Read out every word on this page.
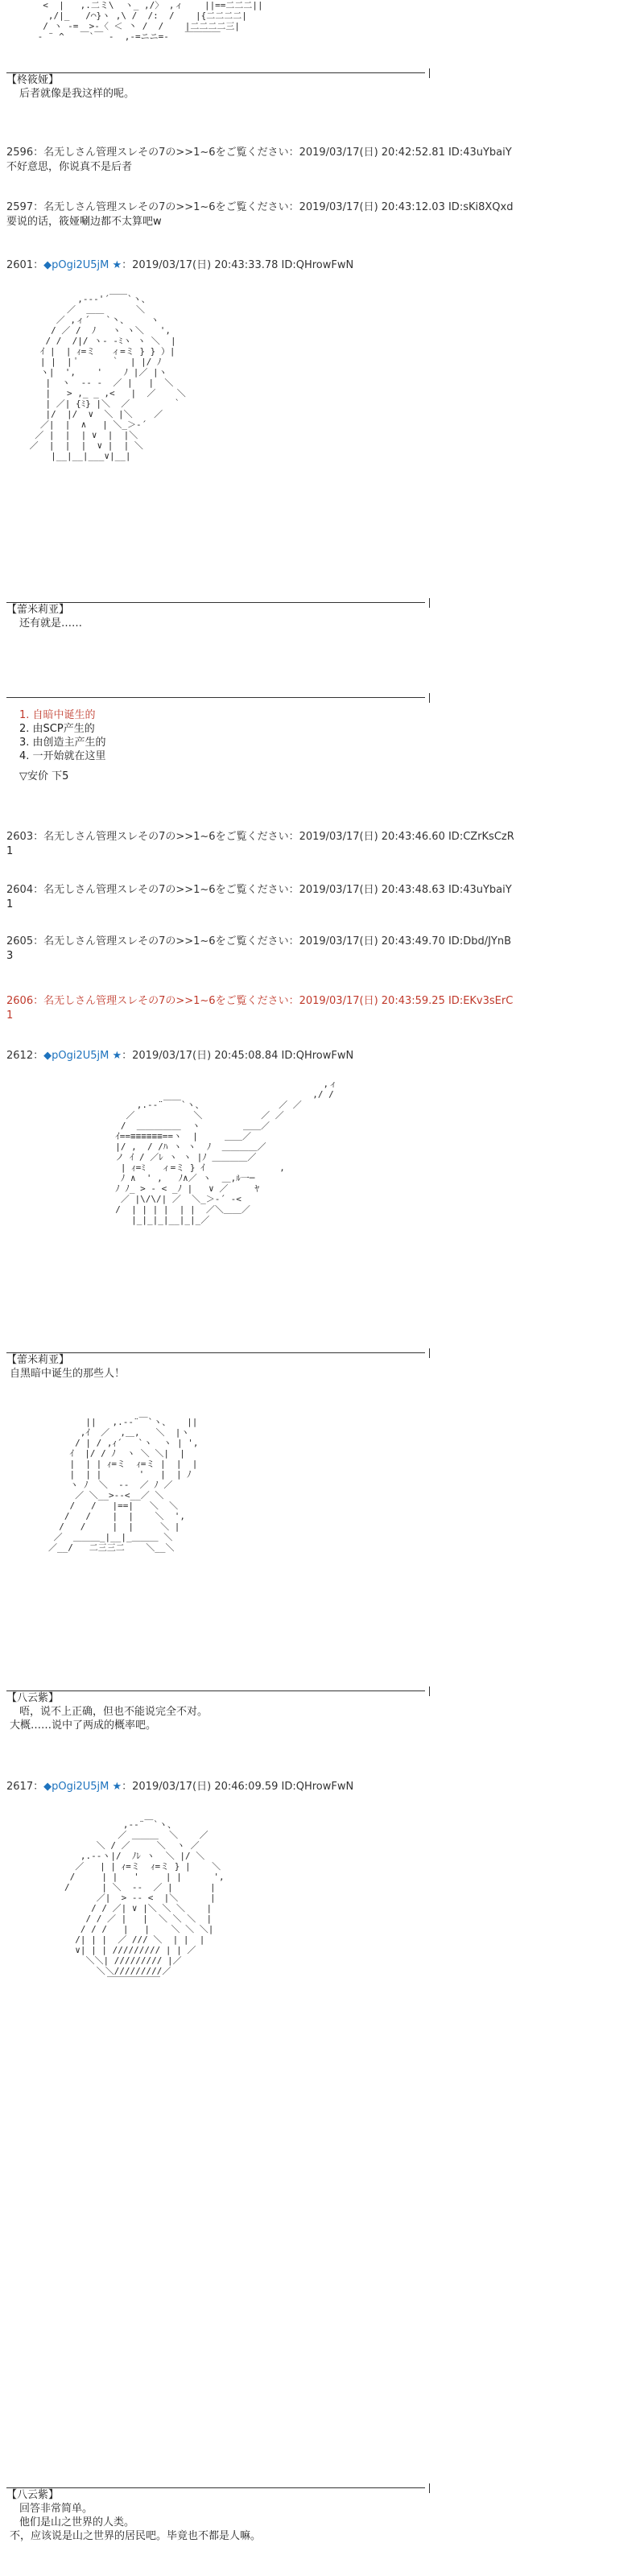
<  |   ,.二ミ\  ヽ_ ,/〉 ,ィ    ||==二二二||
,/|_   /⌒}ヽ ,\ /  /:  /    |{二二二二|
/ ヽ -=  >-〈 ＜ 丶 /  /    |二二二二三|
‐ ¨ ^   ￣`￣ ‐  ,-=ニニ=-   ￣￣￣￣
【柊筱娅】
后者就像是我这样的呢。
2596：名无しさん管理スレその7の>>1~6をご覧ください：2019/03/17(日) 20:42:52.81 ID:43uYbaiY
不好意思，你说真不是后者
2597：名无しさん管理スレその7の>>1~6をご覧ください：2019/03/17(日) 20:43:12.03 ID:sKi8XQxd
要说的话，筱娅唰边都不太算吧w
2601：◆pOgi2U5jM ★：2019/03/17(日) 20:43:33.78 ID:QHrowFwN
,--‐'´￣￣`ヽ、
／  ＿＿      ＼
／ ,ィ´   `丶、    ヽ
/ ／ /  ﾉ   ヽ ヽ＼   ',
/ /  /|/ ヽ‐ -ﾐヽ ヽ ＼  |
ｲ |  | ｨ=ミ   ィ=ミ } } ）|
| |  | ﾟ      ｀  | |/ ﾉ
ヽ|  ',    '    ﾉ |／ |ヽ
|  ヽ  ‐- ‐  ／ |   |  ＼
|   > ,_ _ ,<   |  ／    ＼
| ／| {ﾐ} |＼  ／        ｀
|/  |/  ∨  ＼ |＼    ／
／|  |  ∧   | ＼_＞‐´
／ |  |  | ∨  |  |＼
／  |  |  |  ∨ |  | ＼
|__|__|___∨|__|
【蕾米莉亚】
还有就是……
1. 自暗中诞生的
2. 由SCP产生的
3. 由创造主产生的
4. 一开始就在这里
▽安价 下5
2603：名无しさん管理スレその7の>>1~6をご覧ください：2019/03/17(日) 20:43:46.60 ID:CZrKsCzR
1
2604：名无しさん管理スレその7の>>1~6をご覧ください：2019/03/17(日) 20:43:48.63 ID:43uYbaiY
1
2605：名无しさん管理スレその7の>>1~6をご覧ください：2019/03/17(日) 20:43:49.70 ID:Dbd/JYnB
3
2606：名无しさん管理スレその7の>>1~6をご覧ください：2019/03/17(日) 20:43:59.25 ID:EKv3sErC
1
2612：◆pOgi2U5jM ★：2019/03/17(日) 20:45:08.84 ID:QHrowFwN
,ィ
,/ /
,.-‐¨￣￣`ヽ、              ／ ／
／           ＼           ／ ／
/  ＿＿＿＿＿  ヽ        ＿＿／
ｲ==≡≡≡≡≡≡==ヽ  |     ＿＿／
|/ ,  / /ﾊ ヽ ヽ  ﾉ  ＿＿＿＿／
ノ ｲ / ／ﾚ ヽ ヽ |ﾉ ＿＿＿＿／
| ｨ=ﾐ   ィ=ミ } ｲ              ,
ﾉ ∧  ' ,   ﾉ∧／ ヽ  ＿,ﾙ一─
ﾉ ﾉ_ > ‐ < _ﾉ |   ∨ ／     ﾔ
／ |\/\/| ／  ＼_＞‐´ ‐<
/  | | | |  | |  ／＼＿＿／
|_|_|_|__|_|_／
【蕾米莉亚】
自黑暗中诞生的那些人！
||   ,.-‐¨￣`ヽ、   ||
,ｲ  ／  ,＿,   ＼  |ヽ
/ | / ,ｨ´   `ヽ  ヽ | ',
ｲ  |/ / ﾉ  ヽ ＼ ＼|  |
|  | | ｨ=ミ  ｨ=ミ |  |  |
|  | |       '   |  | ﾉ
ヽ ﾉ  ＼  ‐‐  ／ ﾉ ／
／ ＼__>‐‐<__／ ＼
/   /   |==|   ＼  ＼
/   /    |  |    ＼  ',
/   /     |  |     ＼ |
／  ＿＿＿_|__|_＿＿＿ ＼
／__/   二三三二    ＼__＼
【八云紫】
唔，说不上正确，但也不能说完全不对。
大概……说中了两成的概率吧。
2617：◆pOgi2U5jM ★：2019/03/17(日) 20:46:09.59 ID:QHrowFwN
,-‐¨￣`ヽ、
／ ＿＿＿  ＼    ／
＼ / ／     ＼  ヽ ／
,.-‐ヽ|/  ﾉﾚ ヽ  ＼ |/ ＼
／   | | ｨ=ミ  ｨ=ミ } |    ＼
/     | |   '     | |      ',
/      | ＼  ‐-  ／ |       |
／|  > ‐‐ <  |＼      |
/ / ／| ∨ |＼ ＼ ＼    |
/ / ／ |   |  ＼ ＼ ＼  |
/ / /   |   |    ＼ ＼ ＼|
/| | |  ／ /// ＼  | |  |
∨| | | ///////// | | ／
＼＼| ///////// |／
＼＼/////////／
￣￣￣￣￣￣
【八云紫】
回答非常简单。
他们是山之世界的人类。
不，应该说是山之世界的居民吧。毕竟也不都是人嘛。
